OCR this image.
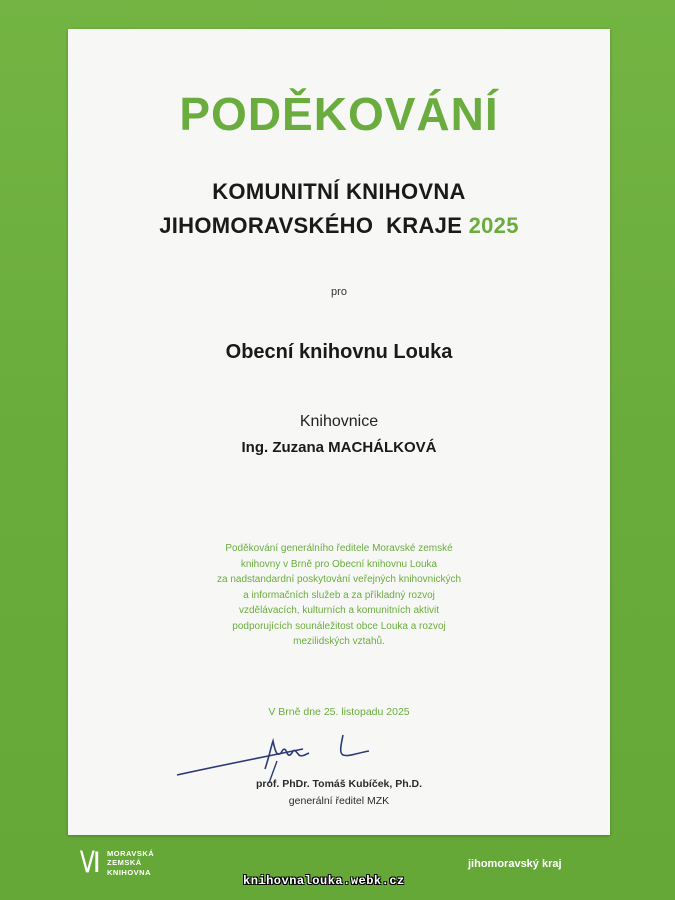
PODĚKOVÁNÍ
KOMUNITNÍ KNIHOVNA
JIHOMORAVSKÉHO  KRAJE 2025
pro
Obecní knihovnu Louka
Knihovnice
Ing. Zuzana MACHÁLKOVÁ
Poděkování generálního ředitele Moravské zemské
knihovny v Brně pro Obecní knihovnu Louka
za nadstandardní poskytování veřejných knihovnických
a informačních služeb a za příkladný rozvoj
vzdělávacích, kulturních a komunitních aktivit
podporujících sounáležitost obce Louka a rozvoj
mezilidských vztahů.
V Brně dne 25. listopadu 2025
prof. PhDr. Tomáš Kubíček, Ph.D.
generální ředitel MZK
\/I MORAVSKÁ
ZEMSKÁ
KNIHOVNA
jihomoravský kraj
knihovnalouka.webk.cz
